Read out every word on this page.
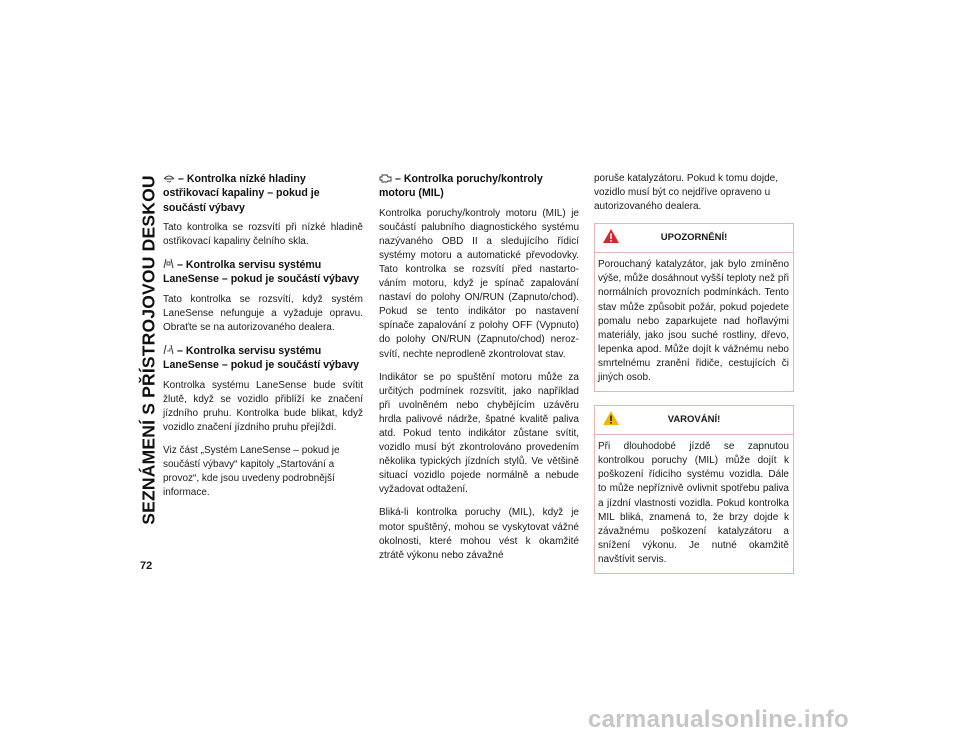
SEZNÁMENÍ S PŘÍSTROJOVOU DESKOU
72
– Kontrolka nízké hladiny ostřikovací kapaliny – pokud je součástí výbavy

Tato kontrolka se rozsvítí při nízké hladině ostřikovací kapaliny čelního skla.

– Kontrolka servisu systému LaneSense – pokud je součástí výbavy

Tato kontrolka se rozsvítí, když systém LaneSense nefunguje a vyžaduje opravu. Obraťte se na autorizovaného dealera.

– Kontrolka servisu systému LaneSense – pokud je součástí výbavy

Kontrolka systému LaneSense bude svítit žlutě, když se vozidlo přiblíží ke značení jízdního pruhu. Kontrolka bude blikat, když vozidlo značení jízdního pruhu přejíždí.

Viz část „Systém LaneSense – pokud je součástí výbavy“ kapitoly „Startování a provoz“, kde jsou uvedeny podrobnější informace.

– Kontrolka poruchy/kontroly motoru (MIL)

Kontrolka poruchy/kontroly motoru (MIL) je součástí palubního diagnostického systému nazývaného OBD II a sledujícího řídicí systémy motoru a automatické převodovky. Tato kontrolka se rozsvítí před nastarto-váním motoru, když je spínač zapalování nastaví do polohy ON/RUN (Zapnuto/chod). Pokud se tento indikátor po nastavení spínače zapalování z polohy OFF (Vypnuto) do polohy ON/RUN (Zapnuto/chod) neroz-svítí, nechte neprodleně zkontrolovat stav.

Indikátor se po spuštění motoru může za určitých podmínek rozsvítit, jako například při uvolněném nebo chybějícím uzávěru hrdla palivové nádrže, špatné kvalitě paliva atd. Pokud tento indikátor zůstane svítit, vozidlo musí být zkontrolováno provedením několika typických jízdních stylů. Ve většině situací vozidlo pojede normálně a nebude vyžadovat odtažení.

Bliká-li kontrolka poruchy (MIL), když je motor spuštěný, mohou se vyskytovat vážné okolnosti, které mohou vést k okamžité ztrátě výkonu nebo závažné

poruše katalyzátoru. Pokud k tomu dojde, vozidlo musí být co nejdříve opraveno u autorizovaného dealera.

UPOZORNĚNÍ!

Porouchaný katalyzátor, jak bylo zmíněno výše, může dosáhnout vyšší teploty než při normálních provozních podmínkách. Tento stav může způsobit požár, pokud pojedete pomalu nebo zaparkujete nad hořlavými materiály, jako jsou suché rostliny, dřevo, lepenka apod. Může dojít k vážnému nebo smrtelnému zranění řidiče, cestujících či jiných osob.

VAROVÁNÍ!

Při dlouhodobé jízdě se zapnutou kontrolkou poruchy (MIL) může dojít k poškození řídicího systému vozidla. Dále to může nepříznivě ovlivnit spotřebu paliva a jízdní vlastnosti vozidla. Pokud kontrolka MIL bliká, znamená to, že brzy dojde k závažnému poškození katalyzátoru a snížení výkonu. Je nutné okamžitě navštívit servis.

carmanualsonline.info
